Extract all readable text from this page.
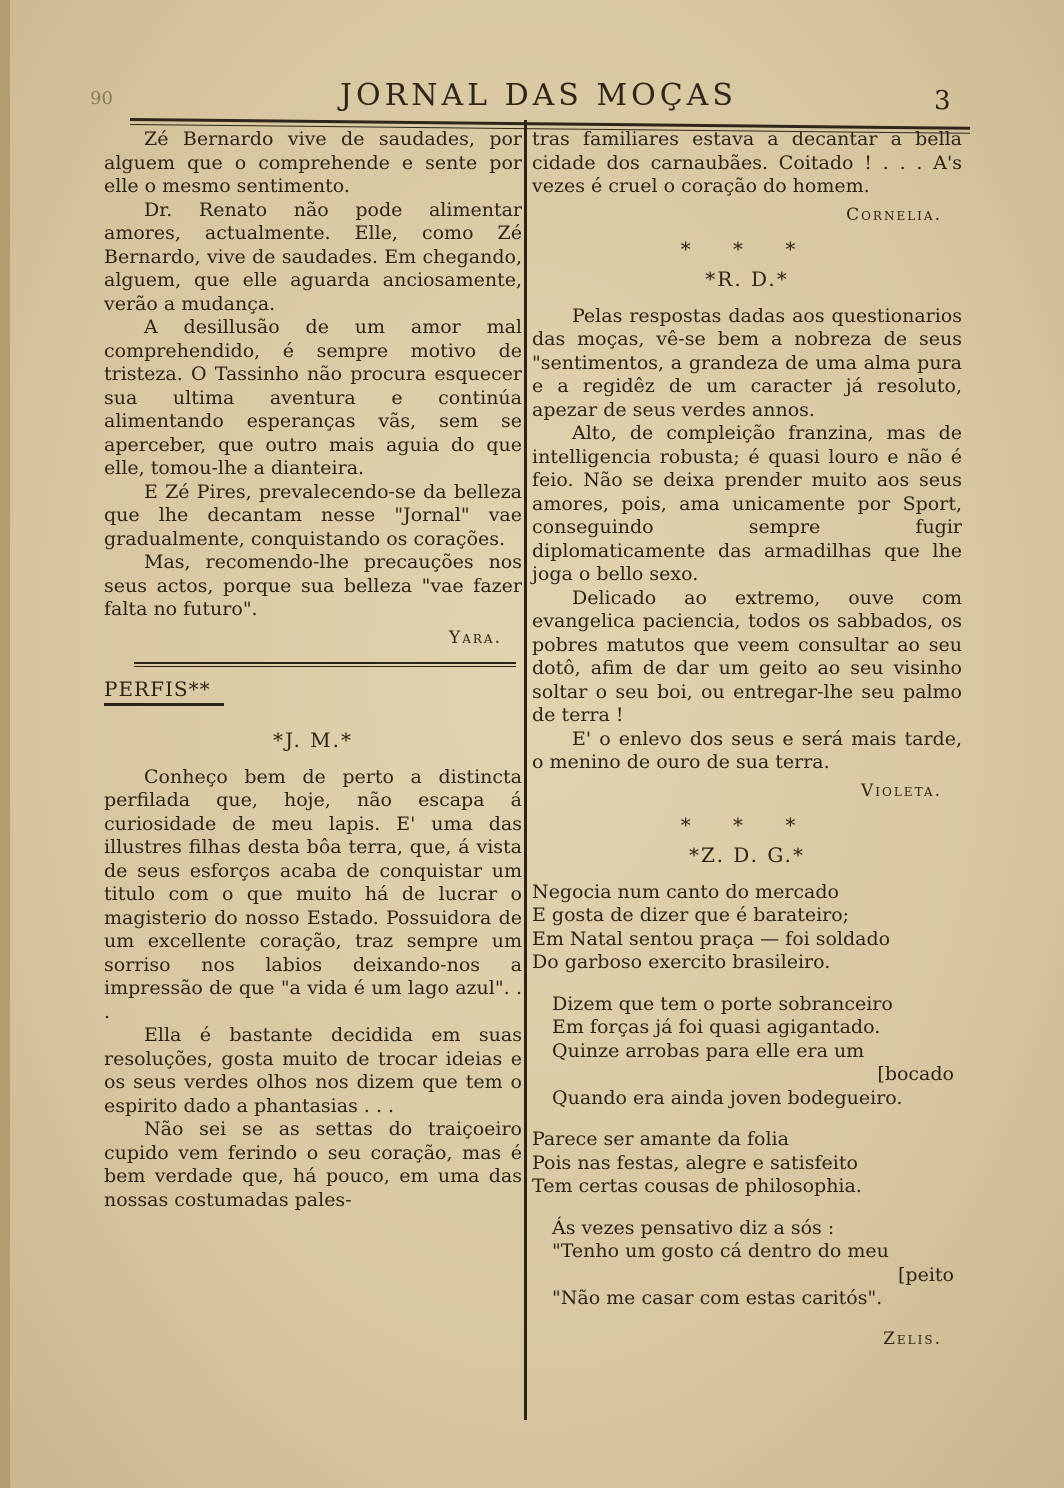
90	JORNAL DAS MOÇAS	3

Zé Bernardo vive de saudades, por alguem que o comprehende e sente por elle o mesmo sentimento.

Dr. Renato não pode alimentar amores, actualmente. Elle, como Zé Bernardo, vive de saudades. Em chegando, alguem, que elle aguarda anciosamente, verão a mudança.

A desillusão de um amor mal comprehendido, é sempre motivo de tristeza. O Tassinho não procura esquecer sua ultima aventura e continúa alimentando esperanças vãs, sem se aperceber, que outro mais aguia do que elle, tomou-lhe a dianteira.

E Zé Pires, prevalecendo-se da belleza que lhe decantam nesse "Jornal" vae gradualmente, conquistando os corações.

Mas, recomendo-lhe precauções nos seus actos, porque sua belleza "vae fazer falta no futuro".

Yara.

PERFIS**

*J. M.*

Conheço bem de perto a distincta perfilada que, hoje, não escapa á curiosidade de meu lapis. E' uma das illustres filhas desta bôa terra, que, á vista de seus esforços acaba de conquistar um titulo com o que muito há de lucrar o magisterio do nosso Estado. Possuidora de um excellente coração, traz sempre um sorriso nos labios deixando-nos a impressão de que "a vida é um lago azul". . .

Ella é bastante decidida em suas resoluções, gosta muito de trocar ideias e os seus verdes olhos nos dizem que tem o espirito dado a phantasias . . .

Não sei se as settas do traiçoeiro cupido vem ferindo o seu coração, mas é bem verdade que, há pouco, em uma das nossas costumadas pales-

tras familiares estava a decantar a bella cidade dos carnaubães. Coitado ! . . . A's vezes é cruel o coração do homem.

Cornelia.

* * *

*R. D.*

Pelas respostas dadas aos questionarios das moças, vê-se bem a nobreza de seus "sentimentos, a grandeza de uma alma pura e a regidêz de um caracter já resoluto, apezar de seus verdes annos.

Alto, de compleição franzina, mas de intelligencia robusta; é quasi louro e não é feio. Não se deixa prender muito aos seus amores, pois, ama unicamente por Sport, conseguindo sempre fugir diplomaticamente das armadilhas que lhe joga o bello sexo.

Delicado ao extremo, ouve com evangelica paciencia, todos os sabbados, os pobres matutos que veem consultar ao seu dotô, afim de dar um geito ao seu visinho soltar o seu boi, ou entregar-lhe seu palmo de terra !

E' o enlevo dos seus e será mais tarde, o menino de ouro de sua terra.

Violeta.

* * *

*Z. D. G.*

Negocia num canto do mercado

E gosta de dizer que é barateiro;

Em Natal sentou praça — foi soldado

Do garboso exercito brasileiro.

Dizem que tem o porte sobranceiro

Em forças já foi quasi agigantado.

Quinze arrobas para elle era um

[bocado

Quando era ainda joven bodegueiro.

Parece ser amante da folia

Pois nas festas, alegre e satisfeito

Tem certas cousas de philosophia.

Ás vezes pensativo diz a sós :

"Tenho um gosto cá dentro do meu

[peito

"Não me casar com estas caritós".

Zelis.
